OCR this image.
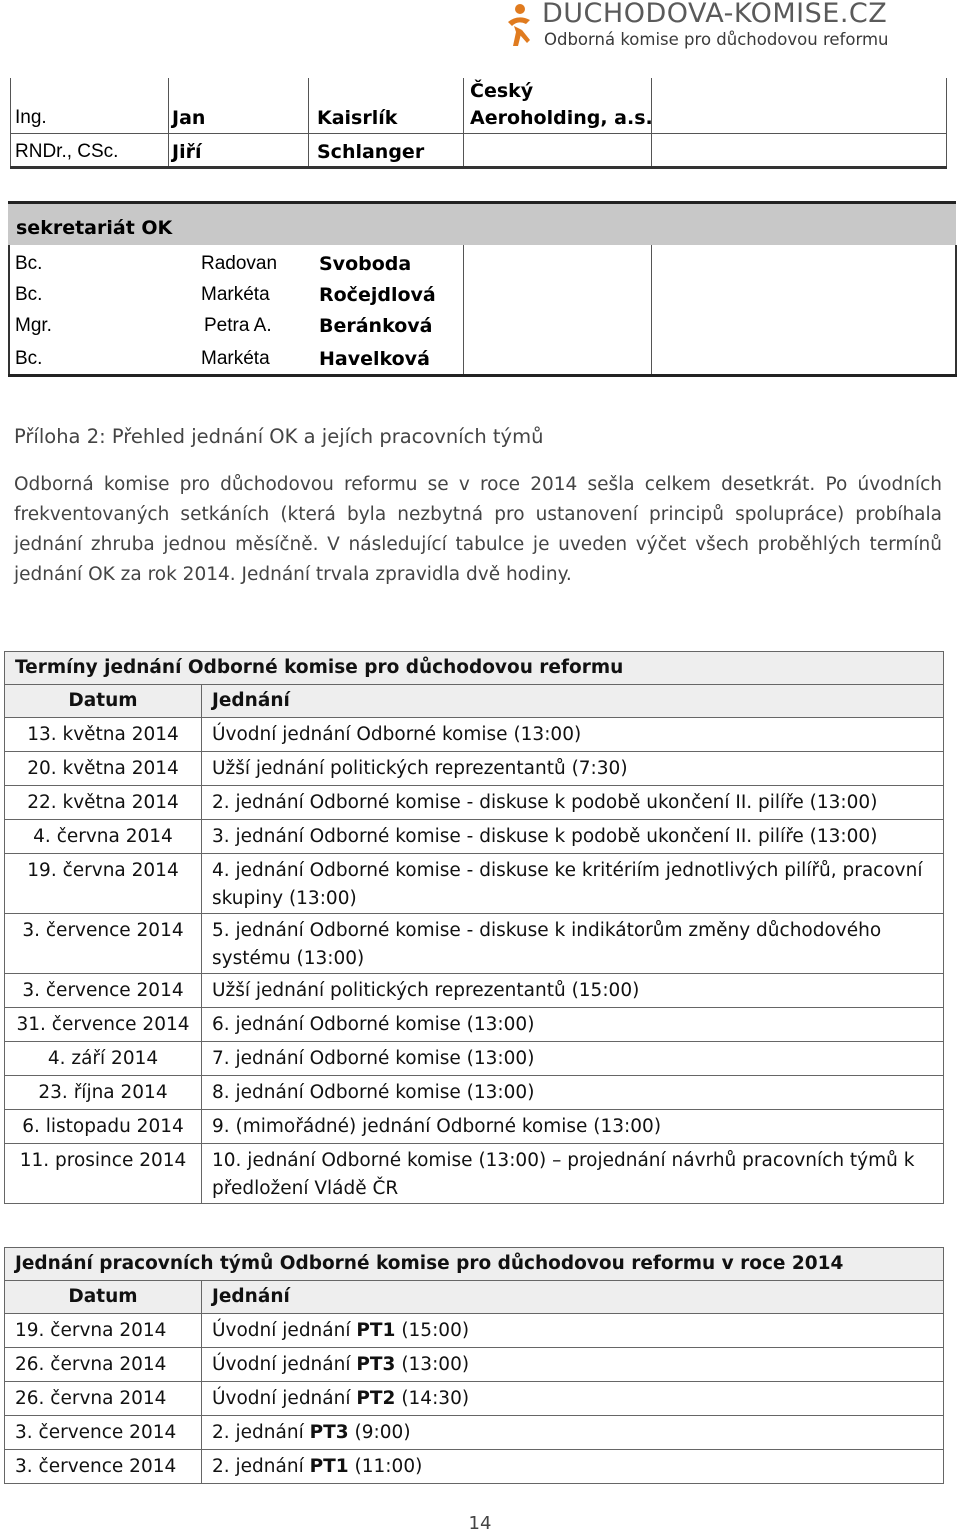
DUCHODOVA-KOMISE.CZ
Odborná komise pro důchodovou reformu
Ing.	Jan	Kaisrlík
Český
Aeroholding, a.s.
RNDr., CSc.	Jiří	Schlanger
sekretariát OK
Bc.	Radovan Svoboda
Bc.	Markéta	Ročejdlová
Mgr.	Petra A. Beránková
Bc.	Markéta	Havelková
Příloha 2: Přehled jednání OK a jejích pracovních týmů
Odborná komise pro důchodovou reformu se v roce 2014 sešla celkem desetkrát. Po úvodních
frekventovaných setkáních (která byla nezbytná pro ustanovení principů spolupráce) probíhala
jednání zhruba jednou měsíčně. V následující tabulce je uveden výčet všech proběhlých termínů
jednání OK za rok 2014. Jednání trvala zpravidla dvě hodiny.
Termíny jednání Odborné komise pro důchodovou reformu	
Datum	Jednání
13. května 2014	Úvodní jednání Odborné komise (13:00)
20. května 2014	Užší jednání politických reprezentantů (7:30)
22. května 2014	2. jednání Odborné komise - diskuse k podobě ukončení II. pilíře (13:00)
4. června 2014	3. jednání Odborné komise - diskuse k podobě ukončení II. pilíře (13:00)
19. června 2014	4. jednání Odborné komise - diskuse ke kritériím jednotlivých pilířů, pracovní skupiny (13:00)
3. července 2014	5. jednání Odborné komise - diskuse k indikátorům změny důchodového systému (13:00)
3. července 2014	Užší jednání politických reprezentantů (15:00)
31. července 2014	6. jednání Odborné komise (13:00)
4. září 2014	7. jednání Odborné komise (13:00)
23. října 2014	8. jednání Odborné komise (13:00)
6. listopadu 2014	9. (mimořádné) jednání Odborné komise (13:00)
11. prosince 2014	10. jednání Odborné komise (13:00) – projednání návrhů pracovních týmů k předložení Vládě ČR
Jednání pracovních týmů Odborné komise pro důchodovou reformu v roce 2014	
Datum	Jednání
19. června 2014	Úvodní jednání PT1 (15:00)
26. června 2014	Úvodní jednání PT3 (13:00)
26. června 2014	Úvodní jednání PT2 (14:30)
3. července 2014	2. jednání PT3 (9:00)
3. července 2014	2. jednání PT1 (11:00)
14
